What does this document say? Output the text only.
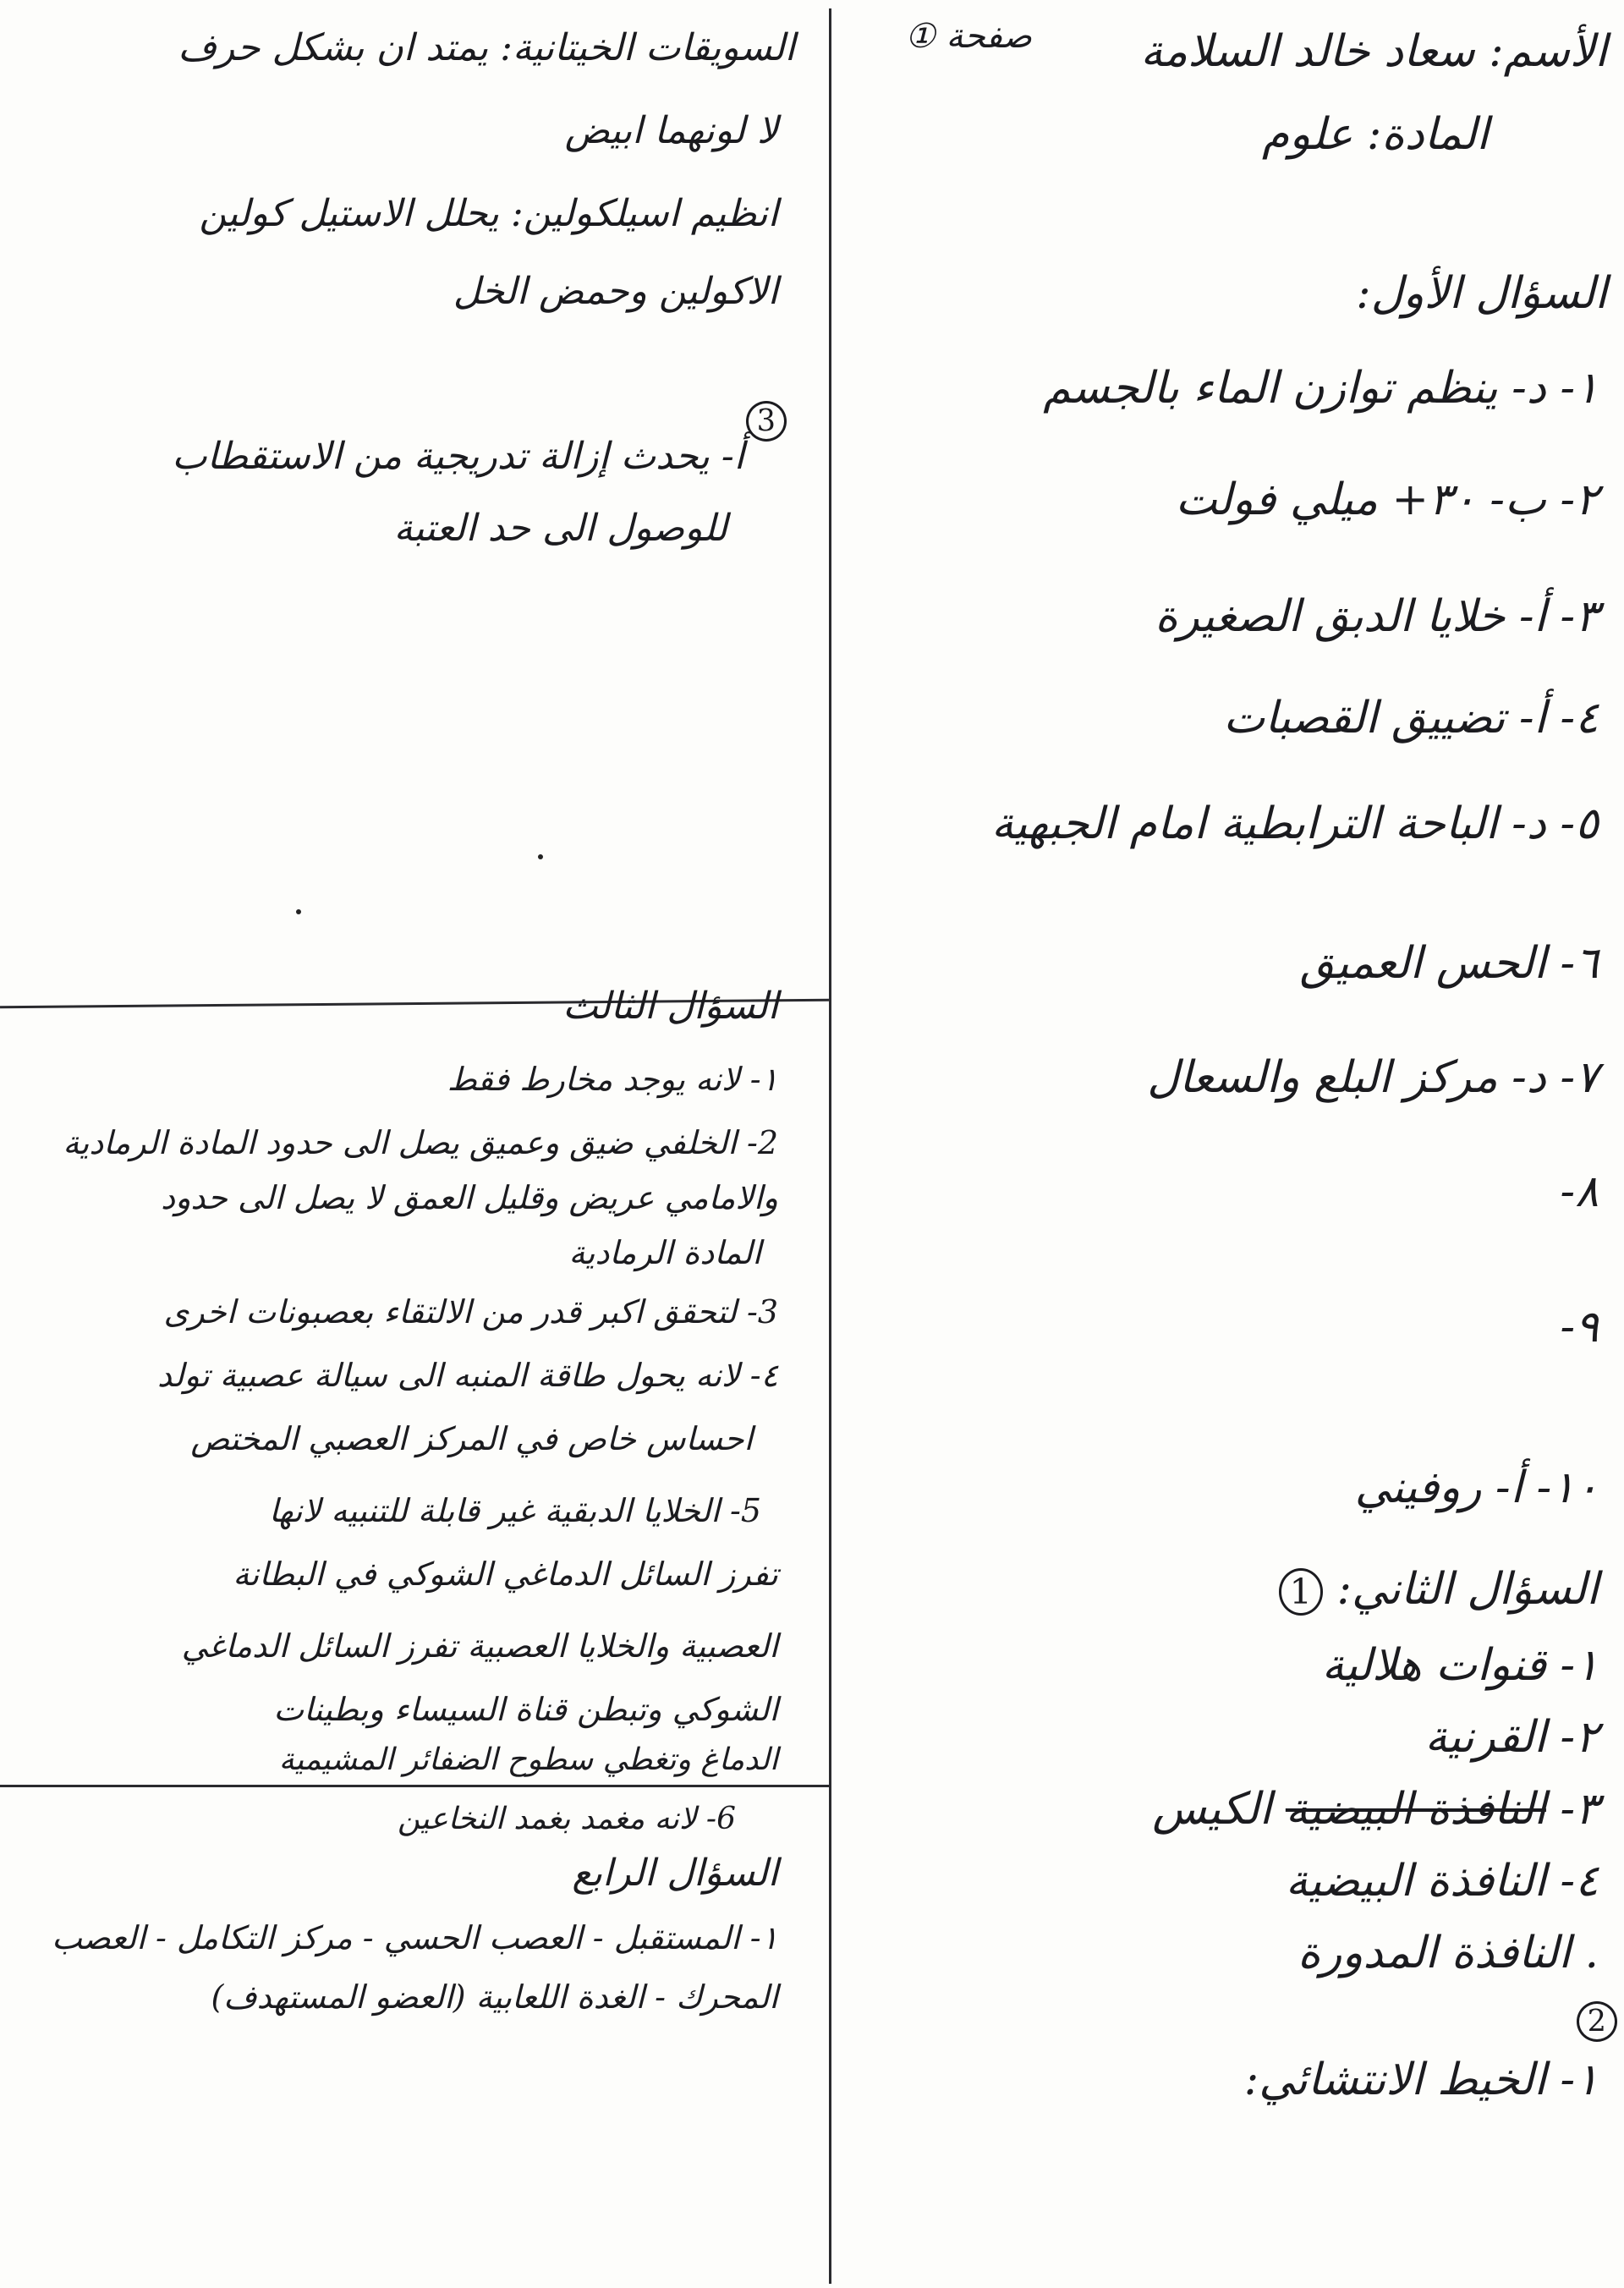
الأسم: سعاد خالد السلامة
المادة: علوم
صفحة ①
السؤال الأول:
١- د- ينظم توازن الماء بالجسم
٢- ب- ٣٠+ ميلي فولت
٣- أ- خلايا الدبق الصغيرة
٤- أ- تضييق القصبات
٥- د- الباحة الترابطية امام الجبهية
٦- الحس العميق
٧- د- مركز البلع والسعال
٨-
٩-
١٠- أ- روفيني
السؤال الثاني: 1
١- قنوات هلالية
٢- القرنية
٣- النافذة البيضية الكيس
٤- النافذة البيضية
. النافذة المدورة
2
١- الخيط الانتشائي:
السويقات الخيتانية: يمتد ان بشكل حرف
لا لونهما ابيض
انظيم اسيلكولين: يحلل الاستيل كولين
الاكولين وحمض الخل
3
أ- يحدث إزالة تدريجية من الاستقطاب
للوصول الى حد العتبة
السؤال الثالث
١- لانه يوجد مخارط فقط
2- الخلفي ضيق وعميق يصل الى حدود المادة الرمادية
والامامي عريض وقليل العمق لا يصل الى حدود
المادة الرمادية
3- لتحقق اكبر قدر من الالتقاء بعصبونات اخرى
٤- لانه يحول طاقة المنبه الى سيالة عصبية تولد
احساس خاص في المركز العصبي المختص
5- الخلايا الدبقية غير قابلة للتنبيه لانها
تفرز السائل الدماغي الشوكي في البطانة
العصبية والخلايا العصبية تفرز السائل الدماغي
الشوكي وتبطن قناة السيساء وبطينات
الدماغ وتغطي سطوح الضفائر المشيمية
6- لانه مغمد بغمد النخاعين
السؤال الرابع
١- المستقبل - العصب الحسي - مركز التكامل - العصب
المحرك - الغدة اللعابية (العضو المستهدف)
